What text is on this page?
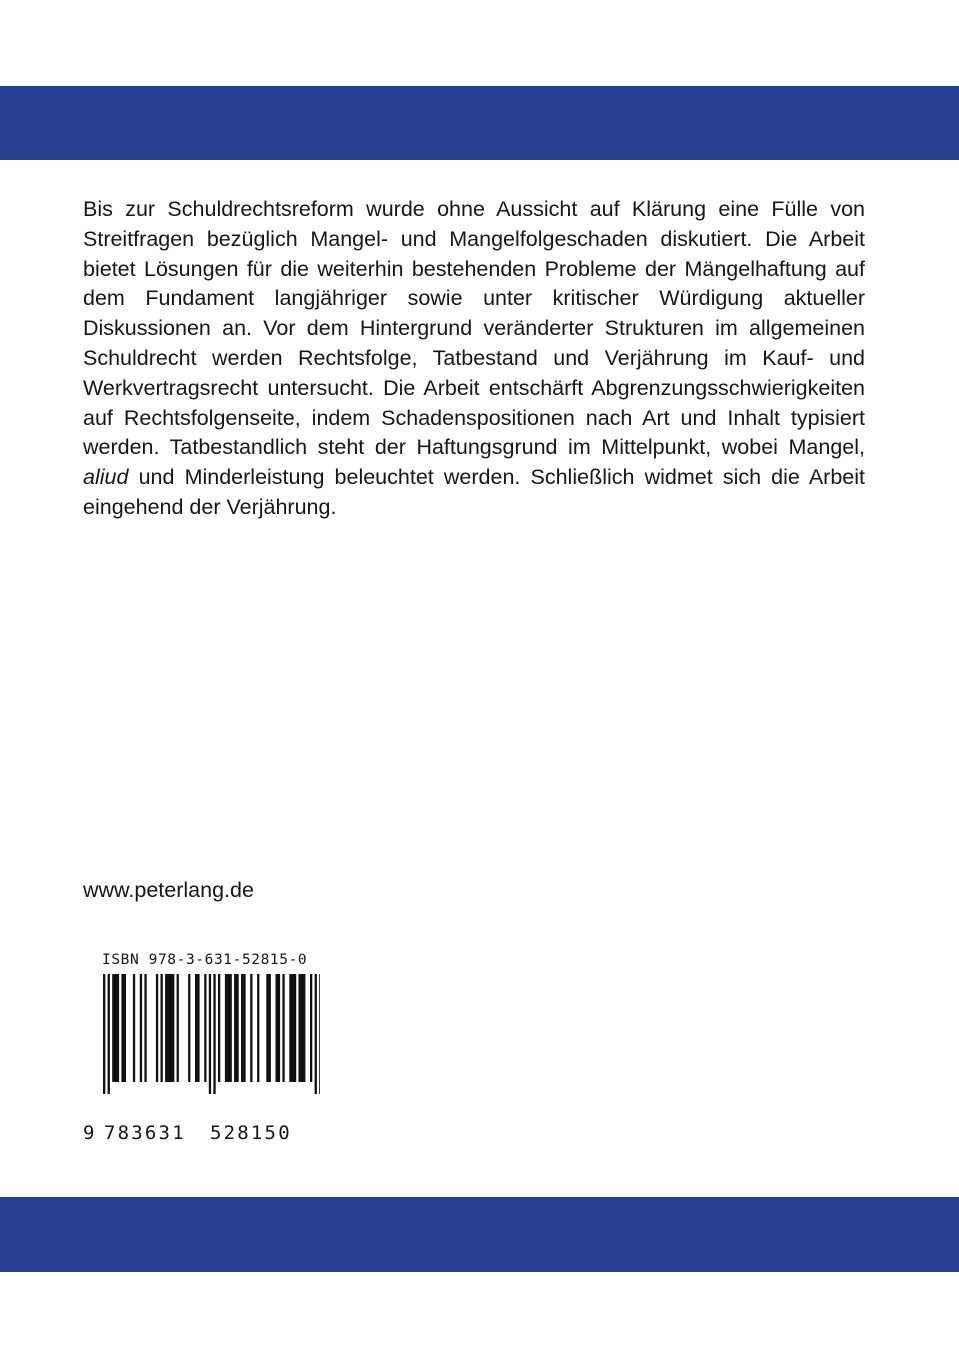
Bis zur Schuldrechtsreform wurde ohne Aussicht auf Klärung eine Fülle von Streitfragen bezüglich Mangel- und Mangelfolgeschaden diskutiert. Die Arbeit bietet Lösungen für die weiterhin bestehenden Probleme der Mängelhaftung auf dem Fundament langjähriger sowie unter kritischer Würdigung aktueller Diskussionen an. Vor dem Hintergrund veränderter Strukturen im allgemeinen Schuldrecht werden Rechtsfolge, Tatbestand und Verjährung im Kauf- und Werkvertragsrecht untersucht. Die Arbeit entschärft Abgrenzungsschwierigkeiten auf Rechtsfolgenseite, indem Schadenspositionen nach Art und Inhalt typisiert werden. Tatbestandlich steht der Haftungsgrund im Mittelpunkt, wobei Mangel, aliud und Minderleistung beleuchtet werden. Schließlich widmet sich die Arbeit eingehend der Verjährung.

www.peterlang.de

ISBN 978-3-631-52815-0

9 783631 528150
